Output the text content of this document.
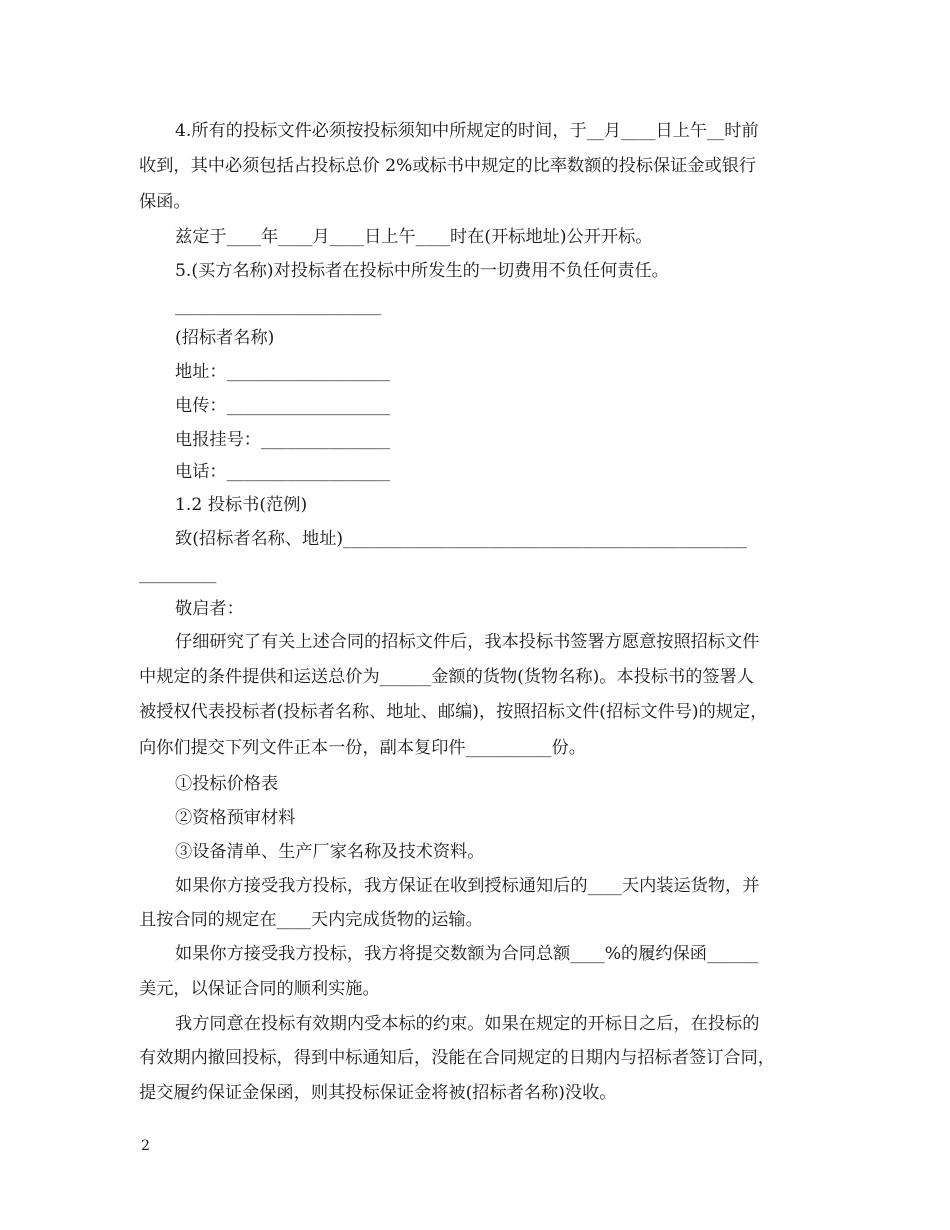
4.所有的投标文件必须按投标须知中所规定的时间，于__月____日上午__时前

收到，其中必须包括占投标总价 2%或标书中规定的比率数额的投标保证金或银行

保函。

兹定于____年____月____日上午____时在(开标地址)公开开标。

5.(买方名称)对投标者在投标中所发生的一切费用不负任何责任。

________________________

(招标者名称)

地址：___________________

电传：___________________

电报挂号：_______________

电话：___________________

1.2 投标书(范例)

致(招标者名称、地址)_______________________________________________

_________

敬启者：

仔细研究了有关上述合同的招标文件后，我本投标书签署方愿意按照招标文件

中规定的条件提供和运送总价为______金额的货物(货物名称)。本投标书的签署人

被授权代表投标者(投标者名称、地址、邮编)，按照招标文件(招标文件号)的规定，

向你们提交下列文件正本一份，副本复印件__________份。

①投标价格表

②资格预审材料

③设备清单、生产厂家名称及技术资料。

如果你方接受我方投标，我方保证在收到授标通知后的____天内装运货物，并

且按合同的规定在____天内完成货物的运输。

如果你方接受我方投标，我方将提交数额为合同总额____%的履约保函______

美元，以保证合同的顺利实施。

我方同意在投标有效期内受本标的约束。如果在规定的开标日之后，在投标的

有效期内撤回投标，得到中标通知后，没能在合同规定的日期内与招标者签订合同，

提交履约保证金保函，则其投标保证金将被(招标者名称)没收。

2
